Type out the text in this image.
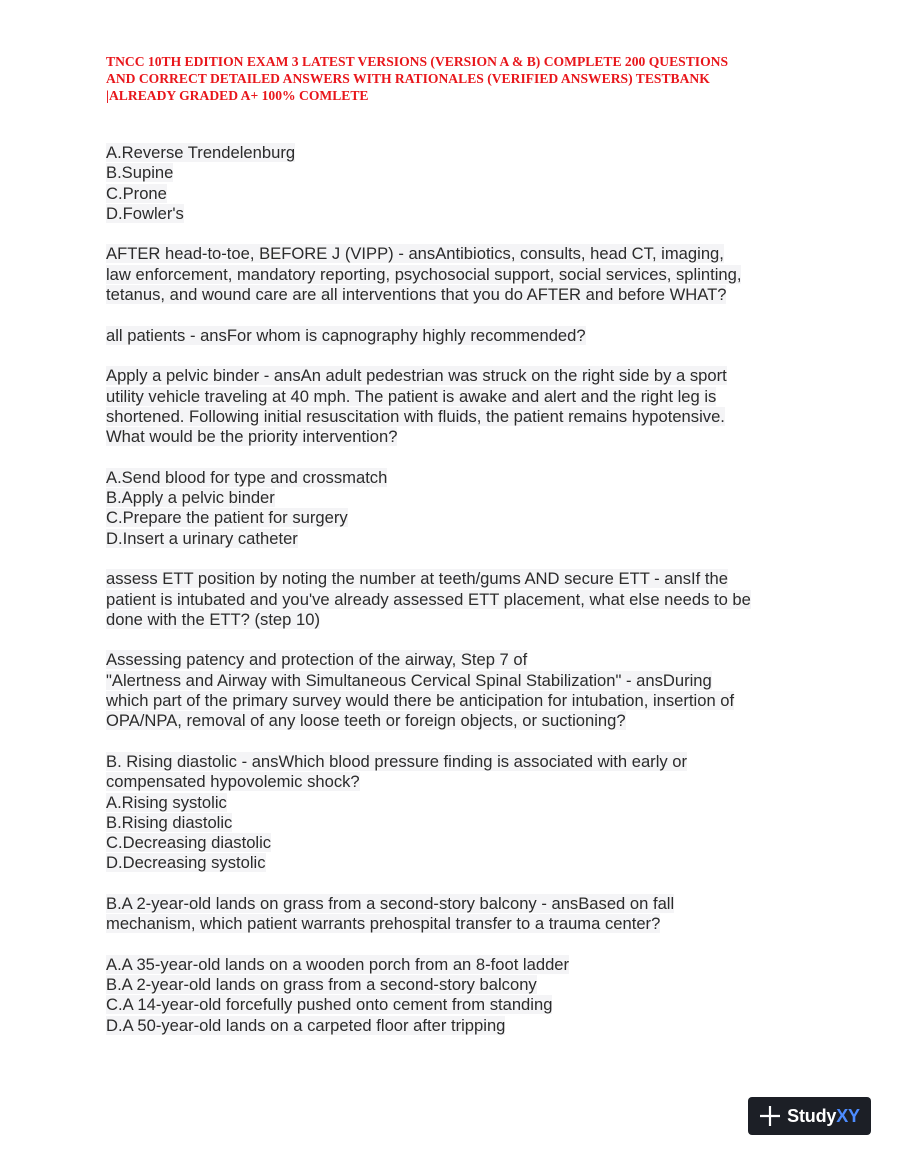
TNCC 10TH EDITION EXAM 3 LATEST VERSIONS (VERSION A & B) COMPLETE 200 QUESTIONS
AND CORRECT DETAILED ANSWERS WITH RATIONALES (VERIFIED ANSWERS) TESTBANK
|ALREADY GRADED A+ 100% COMLETE
A.Reverse Trendelenburg
B.Supine
C.Prone
D.Fowler's
AFTER head-to-toe, BEFORE J (VIPP) - ansAntibiotics, consults, head CT, imaging,
law enforcement, mandatory reporting, psychosocial support, social services, splinting,
tetanus, and wound care are all interventions that you do AFTER and before WHAT?
all patients - ansFor whom is capnography highly recommended?
Apply a pelvic binder - ansAn adult pedestrian was struck on the right side by a sport
utility vehicle traveling at 40 mph. The patient is awake and alert and the right leg is
shortened. Following initial resuscitation with fluids, the patient remains hypotensive.
What would be the priority intervention?
A.Send blood for type and crossmatch
B.Apply a pelvic binder
C.Prepare the patient for surgery
D.Insert a urinary catheter
assess ETT position by noting the number at teeth/gums AND secure ETT - ansIf the
patient is intubated and you've already assessed ETT placement, what else needs to be
done with the ETT? (step 10)
Assessing patency and protection of the airway, Step 7 of
"Alertness and Airway with Simultaneous Cervical Spinal Stabilization" - ansDuring
which part of the primary survey would there be anticipation for intubation, insertion of
OPA/NPA, removal of any loose teeth or foreign objects, or suctioning?
B. Rising diastolic - ansWhich blood pressure finding is associated with early or
compensated hypovolemic shock?
A.Rising systolic
B.Rising diastolic
C.Decreasing diastolic
D.Decreasing systolic
B.A 2-year-old lands on grass from a second-story balcony - ansBased on fall
mechanism, which patient warrants prehospital transfer to a trauma center?
A.A 35-year-old lands on a wooden porch from an 8-foot ladder
B.A 2-year-old lands on grass from a second-story balcony
C.A 14-year-old forcefully pushed onto cement from standing
D.A 50-year-old lands on a carpeted floor after tripping
StudyXY
